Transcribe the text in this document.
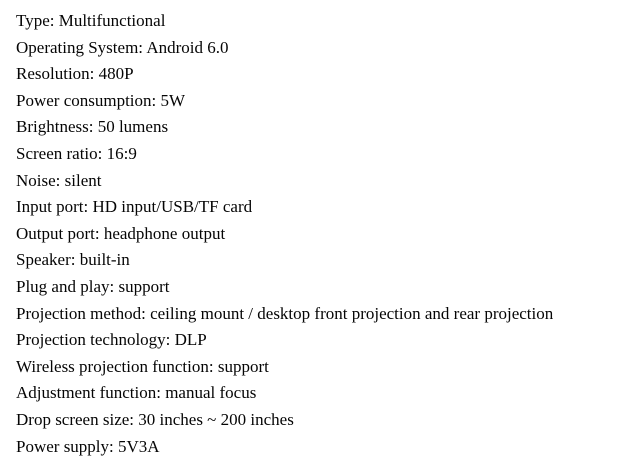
Type: Multifunctional

Operating System: Android 6.0

Resolution: 480P

Power consumption: 5W

Brightness: 50 lumens

Screen ratio: 16:9

Noise: silent

Input port: HD input/USB/TF card

Output port: headphone output

Speaker: built-in

Plug and play: support

Projection method: ceiling mount / desktop front projection and rear projection

Projection technology: DLP

Wireless projection function: support

Adjustment function: manual focus

Drop screen size: 30 inches ~ 200 inches

Power supply: 5V3A
